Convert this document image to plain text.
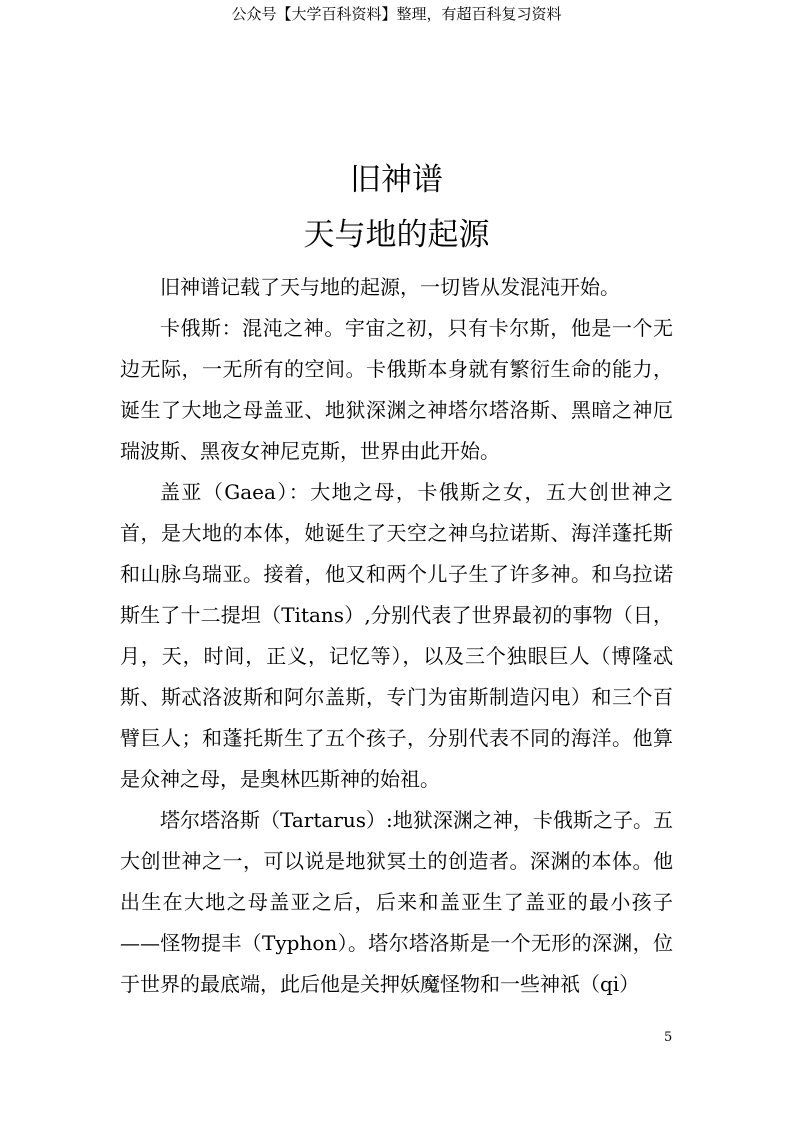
公众号【大学百科资料】整理，有超百科复习资料
旧神谱
天与地的起源

旧神谱记载了天与地的起源，一切皆从发混沌开始。

卡俄斯：混沌之神。宇宙之初，只有卡尔斯，他是一个无边无际，一无所有的空间。卡俄斯本身就有繁衍生命的能力，诞生了大地之母盖亚、地狱深渊之神塔尔塔洛斯、黑暗之神厄瑞波斯、黑夜女神尼克斯，世界由此开始。

盖亚（Gaea）：大地之母，卡俄斯之女，五大创世神之首，是大地的本体，她诞生了天空之神乌拉诺斯、海洋蓬托斯和山脉乌瑞亚。接着，他又和两个儿子生了许多神。和乌拉诺斯生了十二提坦（Titans）,分别代表了世界最初的事物（日，月，天，时间，正义，记忆等），以及三个独眼巨人（博隆忒斯、斯忒洛波斯和阿尔盖斯，专门为宙斯制造闪电）和三个百臂巨人；和蓬托斯生了五个孩子，分别代表不同的海洋。他算是众神之母，是奥林匹斯神的始祖。

塔尔塔洛斯（Tartarus）:地狱深渊之神，卡俄斯之子。五大创世神之一，可以说是地狱冥土的创造者。深渊的本体。他出生在大地之母盖亚之后，后来和盖亚生了盖亚的最小孩子——怪物提丰（Typhon）。塔尔塔洛斯是一个无形的深渊，位于世界的最底端，此后他是关押妖魔怪物和一些神祇（qi）

5
